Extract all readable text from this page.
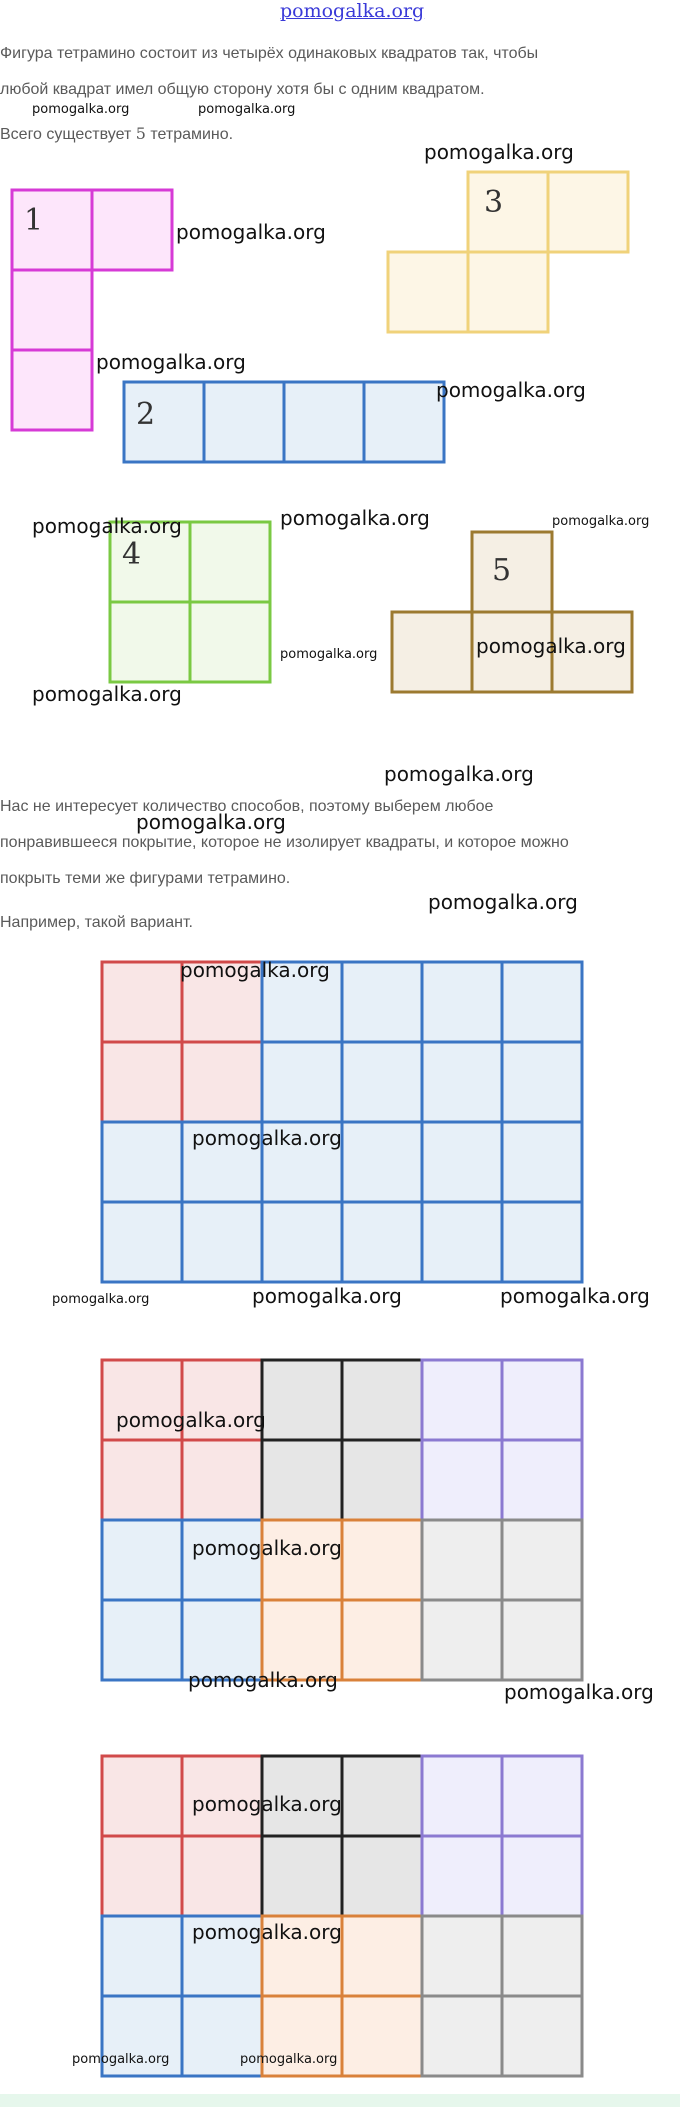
pomogalka.org
Фигура тетрамино состоит из четырёх одинаковых квадратов так, чтобы
любой квадрат имел общую сторону хотя бы с одним квадратом.
Всего существует 5 тетрамино.
1
3
2
4	5
Нас не интересует количество способов, поэтому выберем любое
понравившееся покрытие, которое не изолирует квадраты, и которое можно
покрыть теми же фигурами тетрамино.
Например, такой вариант.
pomogalka.org	pomogalka.org
pomogalka.org
pomogalka.org
pomogalka.org
pomogalka.org
pomogalka.org	pomogalka.org	pomogalka.org
pomogalka.org	pomogalka.org
pomogalka.org
pomogalka.org
pomogalka.org
pomogalka.org
pomogalka.org
pomogalka.org
pomogalka.org	pomogalka.org	pomogalka.org
pomogalka.org
pomogalka.org
pomogalka.org	pomogalka.org
pomogalka.org
pomogalka.org
pomogalka.org	pomogalka.org
